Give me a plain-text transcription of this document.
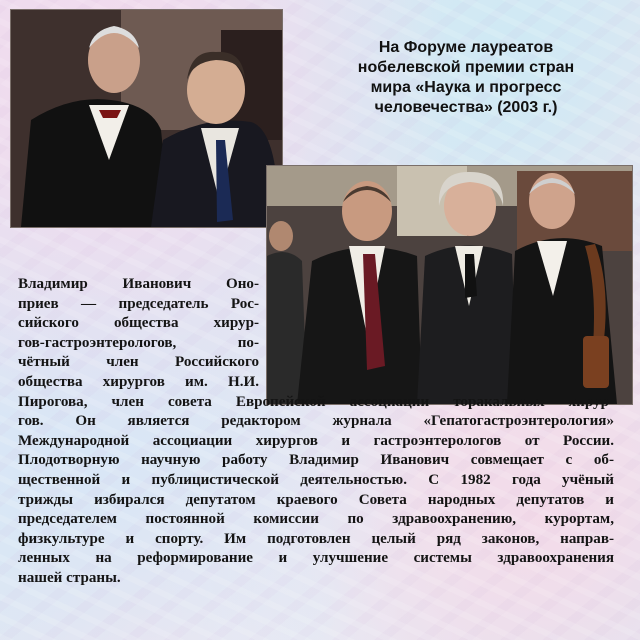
На Форуме лауреатов
нобелевской премии стран
мира «Наука и прогресс
человечества» (2003 г.)
Владимир Иванович Оно-
приев — председатель Рос-
сийского общества хирур-
гов-гастроэнтерологов, по-
чётный член Российского
общества хирургов им. Н.И.
Пирогова, член совета Европейской ассоциации торакальных хирур-
гов. Он является редактором журнала «Гепатогастроэнтерология»
Международной ассоциации хирургов и гастроэнтерологов от России.
Плодотворную научную работу Владимир Иванович совмещает с об-
щественной и публицистической деятельностью. С 1982 года учёный
трижды избирался депутатом краевого Совета народных депутатов и
председателем постоянной комиссии по здравоохранению, курортам,
физкультуре и спорту. Им подготовлен целый ряд законов, направ-
ленных на реформирование и улучшение системы здравоохранения
нашей страны.
